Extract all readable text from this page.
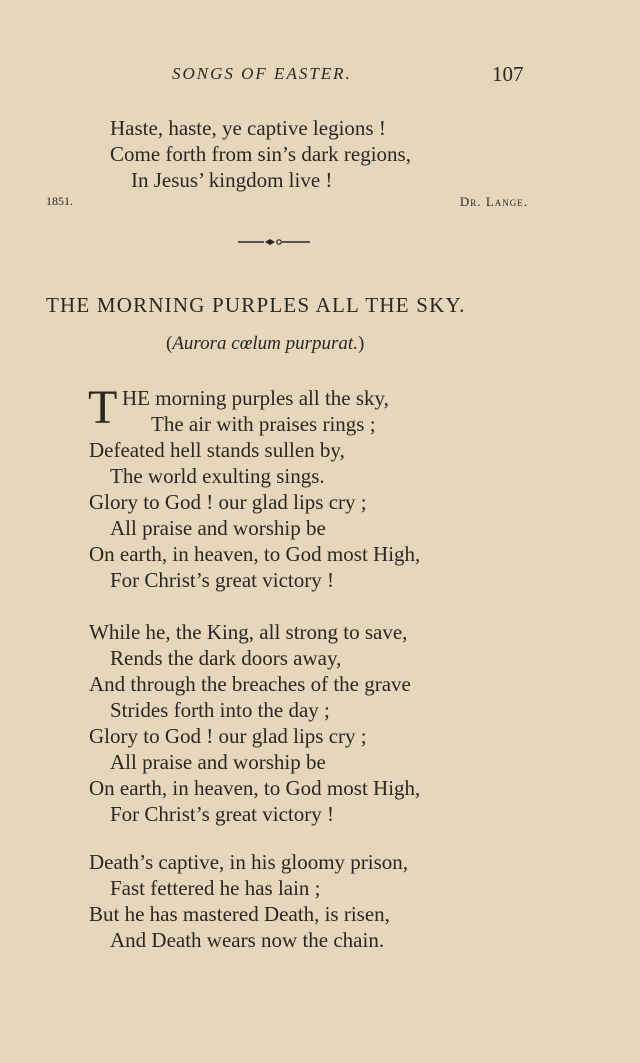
SONGS OF EASTER.	107
Haste, haste, ye captive legions !
Come forth from sin’s dark regions,
In Jesus’ kingdom live !
1851.	Dr. Lange.
THE MORNING PURPLES ALL THE SKY.
(Aurora cœlum purpurat.)
T HE morning purples all the sky,
The air with praises rings ;
Defeated hell stands sullen by,
The world exulting sings.
Glory to God ! our glad lips cry ;
All praise and worship be
On earth, in heaven, to God most High,
For Christ’s great victory !
While he, the King, all strong to save,
Rends the dark doors away,
And through the breaches of the grave
Strides forth into the day ;
Glory to God ! our glad lips cry ;
All praise and worship be
On earth, in heaven, to God most High,
For Christ’s great victory !
Death’s captive, in his gloomy prison,
Fast fettered he has lain ;
But he has mastered Death, is risen,
And Death wears now the chain.
